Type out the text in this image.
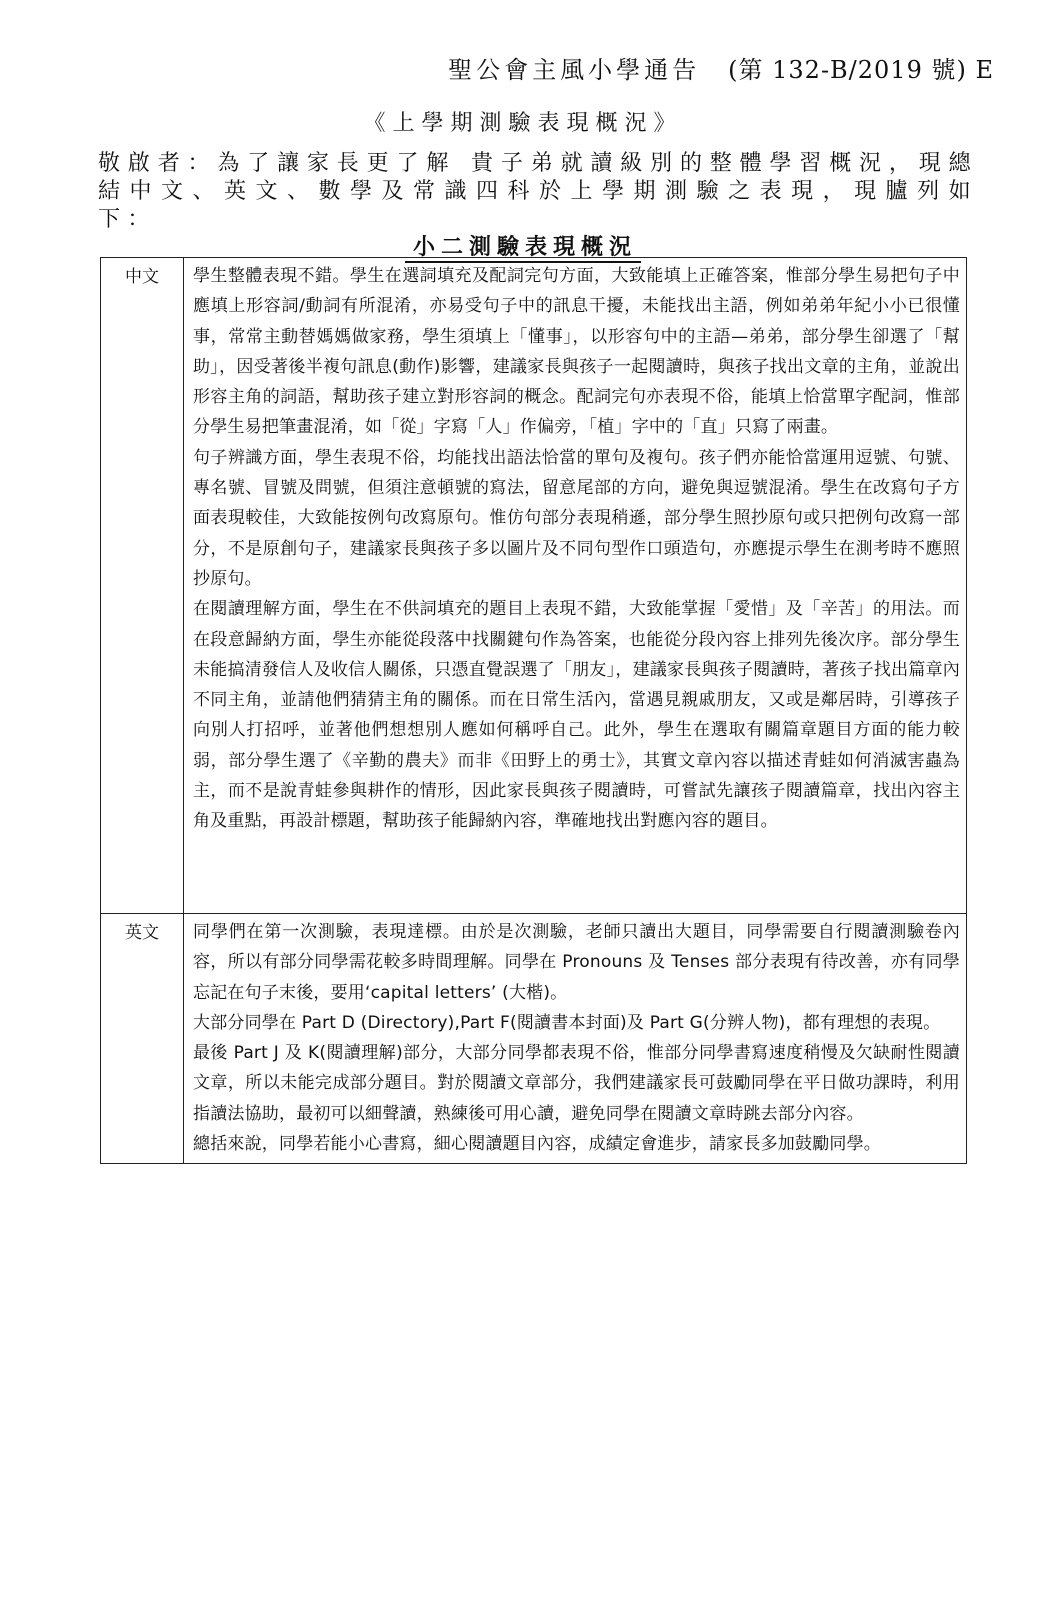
聖公會主風小學通告 (第 132-B/2019 號) E
《上學期測驗表現概況》

敬啟者：為了讓家長更了解 貴子弟就讀級別的整體學習概況，現總結中文、英文、數學及常識四科於上學期測驗之表現，現臚列如下：

小二測驗表現概況
中文	學生整體表現不錯。學生在選詞填充及配詞完句方面，大致能填上正確答案，惟部分學生易把句子中應填上形容詞/動詞有所混淆，亦易受句子中的訊息干擾，未能找出主語，例如弟弟年紀小小已很懂事，常常主動替媽媽做家務，學生須填上「懂事」，以形容句中的主語—弟弟，部分學生卻選了「幫助」，因受著後半複句訊息(動作)影響，建議家長與孩子一起閱讀時，與孩子找出文章的主角，並說出形容主角的詞語，幫助孩子建立對形容詞的概念。配詞完句亦表現不俗，能填上恰當單字配詞，惟部分學生易把筆畫混淆，如「從」字寫「人」作偏旁，「植」字中的「直」只寫了兩畫。

句子辨識方面，學生表現不俗，均能找出語法恰當的單句及複句。孩子們亦能恰當運用逗號、句號、專名號、冒號及問號，但須注意頓號的寫法，留意尾部的方向，避免與逗號混淆。學生在改寫句子方面表現較佳，大致能按例句改寫原句。惟仿句部分表現稍遜，部分學生照抄原句或只把例句改寫一部分，不是原創句子，建議家長與孩子多以圖片及不同句型作口頭造句，亦應提示學生在測考時不應照抄原句。

在閱讀理解方面，學生在不供詞填充的題目上表現不錯，大致能掌握「愛惜」及「辛苦」的用法。而在段意歸納方面，學生亦能從段落中找關鍵句作為答案，也能從分段內容上排列先後次序。部分學生未能搞清發信人及收信人關係，只憑直覺誤選了「朋友」，建議家長與孩子閱讀時，著孩子找出篇章內不同主角，並請他們猜猜主角的關係。而在日常生活內，當遇見親戚朋友，又或是鄰居時，引導孩子向別人打招呼，並著他們想想別人應如何稱呼自己。此外，學生在選取有關篇章題目方面的能力較弱，部分學生選了《辛勤的農夫》而非《田野上的勇士》，其實文章內容以描述青蛙如何消滅害蟲為主，而不是說青蛙參與耕作的情形，因此家長與孩子閱讀時，可嘗試先讓孩子閱讀篇章，找出內容主角及重點，再設計標題，幫助孩子能歸納內容，準確地找出對應內容的題目。

英文	同學們在第一次測驗，表現達標。由於是次測驗，老師只讀出大題目，同學需要自行閱讀測驗卷內容，所以有部分同學需花較多時間理解。同學在 Pronouns 及 Tenses 部分表現有待改善，亦有同學忘記在句子末後，要用‘capital letters’ (大楷)。

大部分同學在 Part D (Directory),Part F(閱讀書本封面)及 Part G(分辨人物)，都有理想的表現。

最後 Part J 及 K(閱讀理解)部分，大部分同學都表現不俗，惟部分同學書寫速度稍慢及欠缺耐性閱讀文章，所以未能完成部分題目。對於閱讀文章部分，我們建議家長可鼓勵同學在平日做功課時，利用指讀法協助，最初可以細聲讀，熟練後可用心讀，避免同學在閱讀文章時跳去部分內容。

總括來說，同學若能小心書寫，細心閱讀題目內容，成績定會進步，請家長多加鼓勵同學。
